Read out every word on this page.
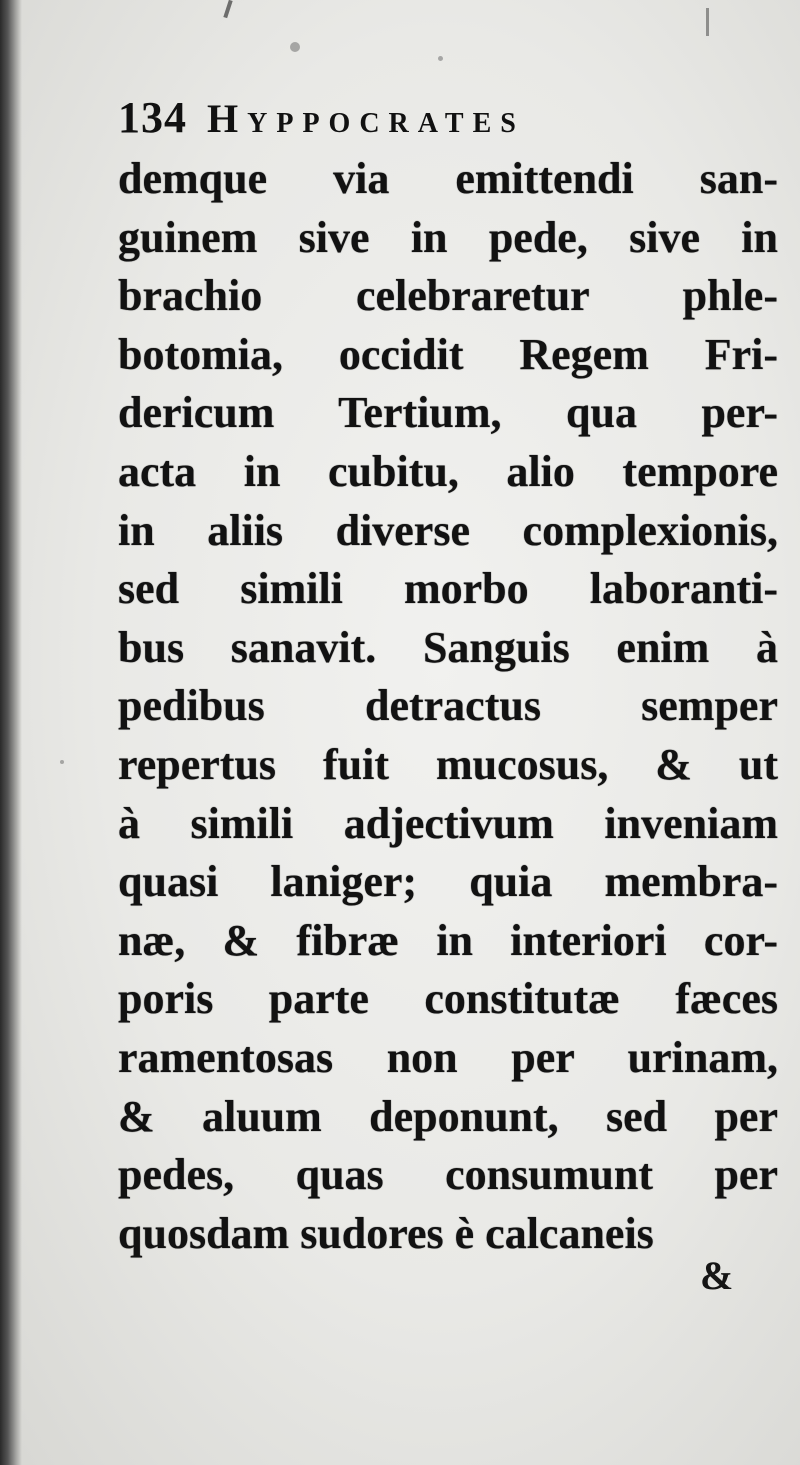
134 Hyppocrates
demque via emittendi san-
guinem sive in pede, sive in
brachio celebraretur phle-
botomia, occidit Regem Fri-
dericum Tertium, qua per-
acta in cubitu, alio tempore
in aliis diverse complexionis,
sed simili morbo laboranti-
bus sanavit. Sanguis enim à
pedibus detractus semper
repertus fuit mucosus, & ut
à simili adjectivum inveniam
quasi laniger; quia membra-
næ, & fibræ in interiori cor-
poris parte constitutæ fæces
ramentosas non per urinam,
& aluum deponunt, sed per
pedes, quas consumunt per
quosdam sudores è calcaneis
&
